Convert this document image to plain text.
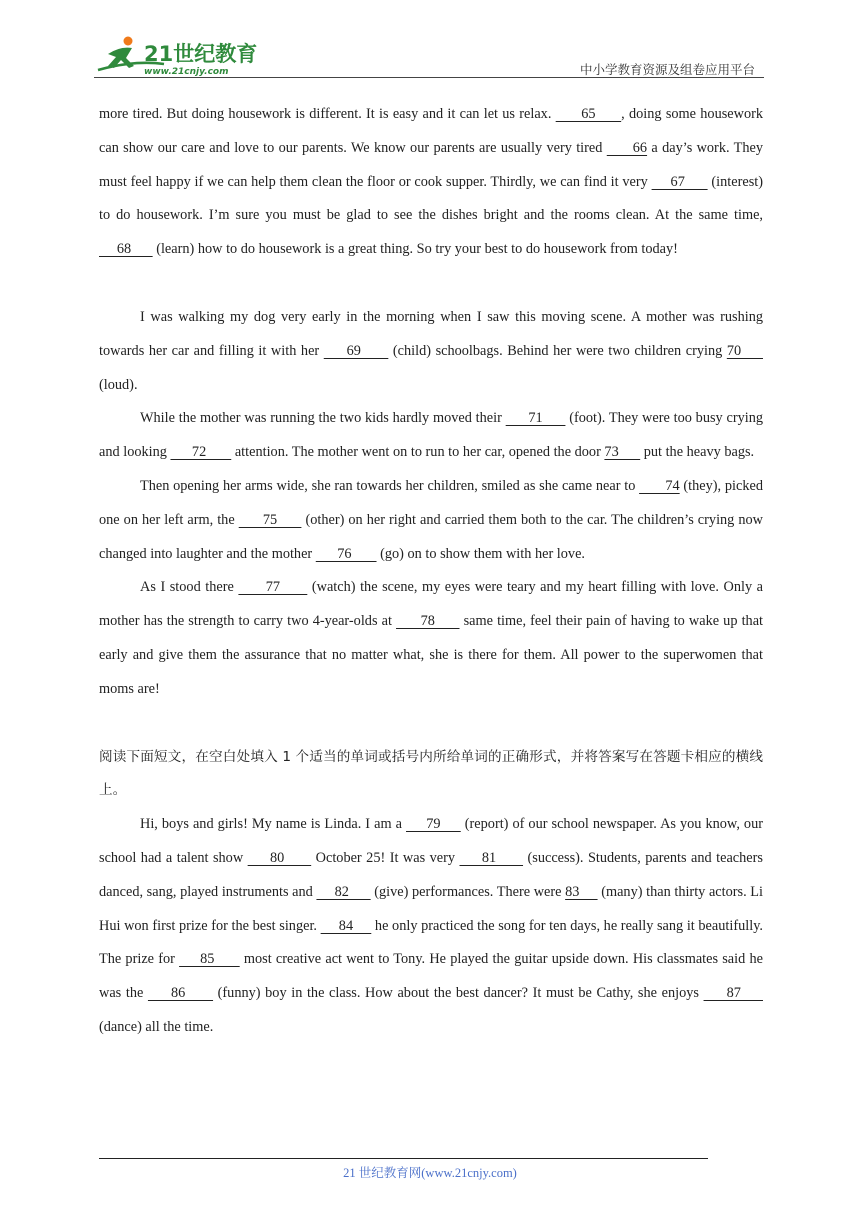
21世纪教育
www.21cnjy.com	中小学教育资源及组卷应用平台

more tired. But doing housework is different. It is easy and it can let us relax.       65      , doing some housework can show our care and love to our parents. We know our parents are usually very tired       66 a day’s work. They must feel happy if we can help them clean the floor or cook supper. Thirdly, we can find it very      67       (interest) to do housework. I’m sure you must be glad to see the dishes bright and the rooms clean. At the same time,      68       (learn) how to do housework is a great thing. So try your best to do housework from today!

I was walking my dog very early in the morning when I saw this moving scene. A mother was rushing towards her car and filling it with her      69       (child) schoolbags. Behind her were two children crying 70      (loud).

While the mother was running the two kids hardly moved their       71       (foot). They were too busy crying and looking       72        attention. The mother went on to run to her car, opened the door 73       put the heavy bags.

Then opening her arms wide, she ran towards her children, smiled as she came near to        74 (they), picked one on her left arm, the       75       (other) on her right and carried them both to the car. The children’s crying now changed into laughter and the mother       76        (go) on to show them with her love.

As I stood there       77       (watch) the scene, my eyes were teary and my heart filling with love. Only a mother has the strength to carry two 4-year-olds at       78       same time, feel their pain of having to wake up that early and give them the assurance that no matter what, she is there for them. All power to the superwomen that moms are!

阅读下面短文，在空白处填入 1 个适当的单词或括号内所给单词的正确形式，并将答案写在答题卡相应的横线上。

Hi, boys and girls! My name is Linda. I am a      79      (report) of our school newspaper. As you know, our school had a talent show      80       October 25! It was very      81       (success). Students, parents and teachers danced, sang, played instruments and      82       (give) performances. There were 83      (many) than thirty actors. Li Hui won first prize for the best singer.      84      he only practiced the song for ten days, he really sang it beautifully. The prize for      85       most creative act went to Tony. He played the guitar upside down. His classmates said he was the      86       (funny) boy in the class. How about the best dancer? It must be Cathy, she enjoys      87      (dance) all the time.

21 世纪教育网(www.21cnjy.com)
